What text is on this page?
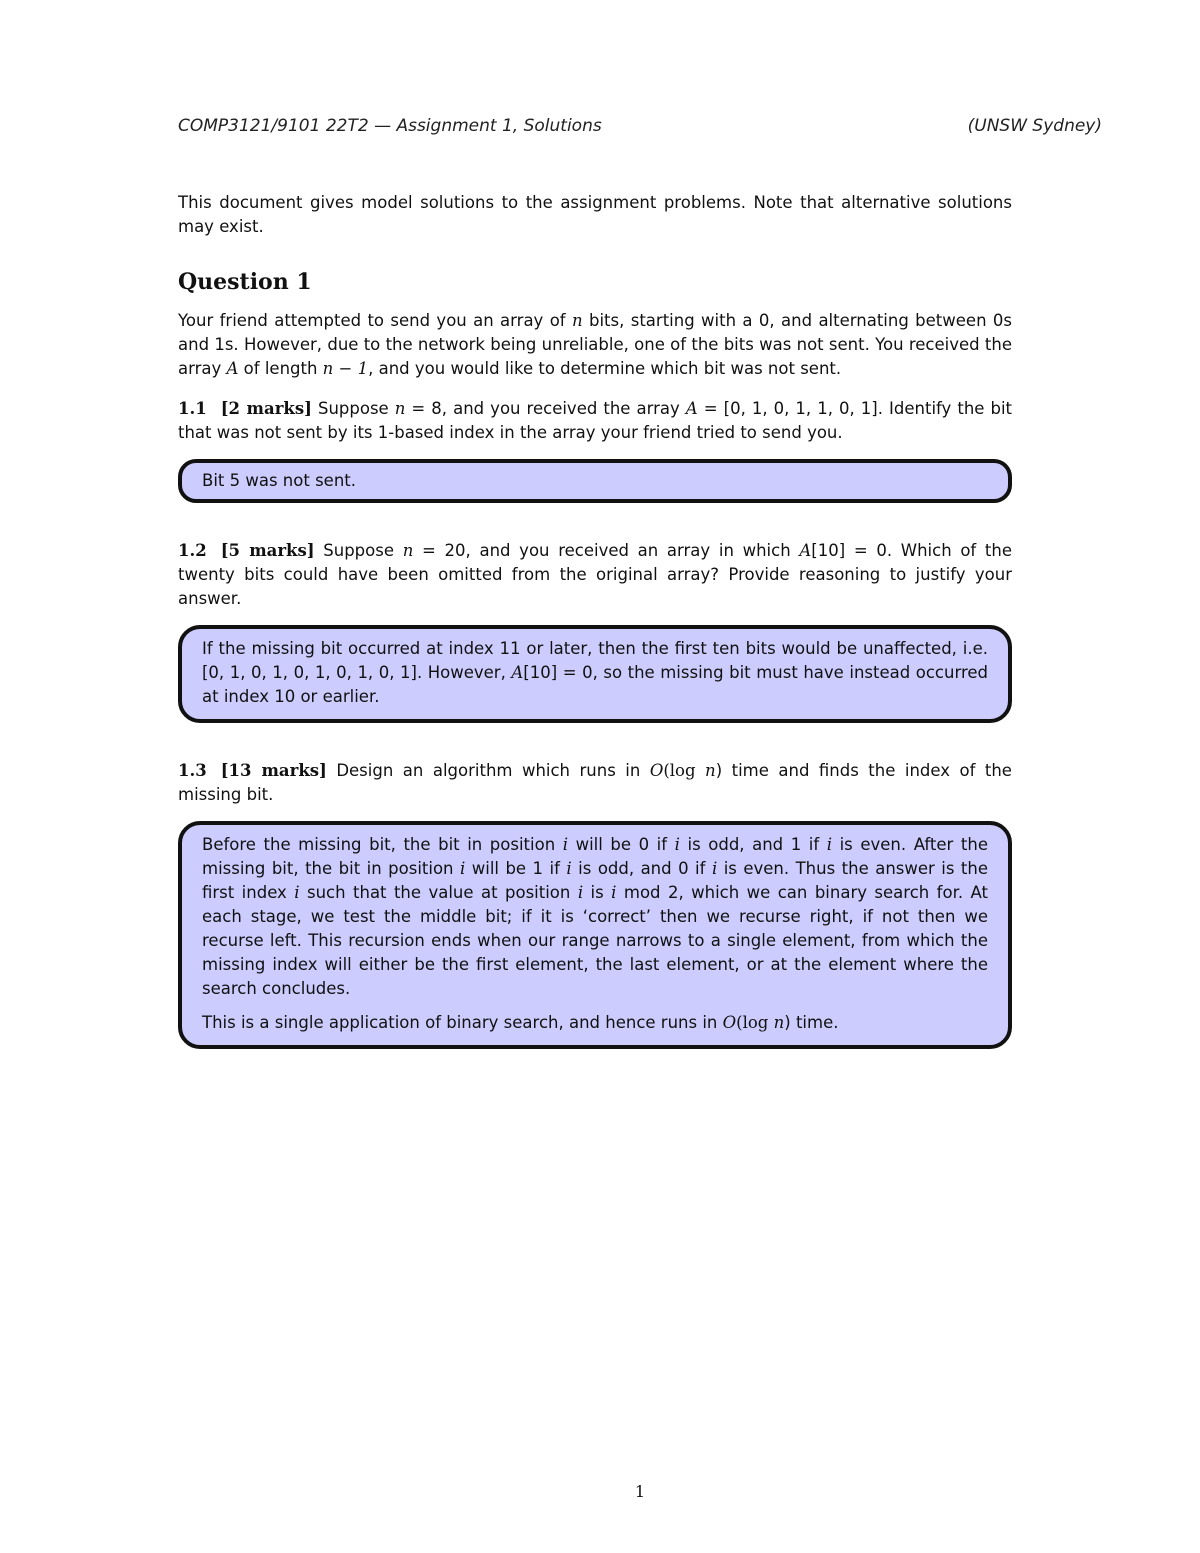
COMP3121/9101 22T2 — Assignment 1, Solutions	(UNSW Sydney)

This document gives model solutions to the assignment problems. Note that alternative solutions may exist.

Question 1

Your friend attempted to send you an array of n bits, starting with a 0, and alternating between 0s and 1s. However, due to the network being unreliable, one of the bits was not sent. You received the array A of length n − 1, and you would like to determine which bit was not sent.

1.1 [2 marks] Suppose n = 8, and you received the array A = [0, 1, 0, 1, 1, 0, 1]. Identify the bit that was not sent by its 1-based index in the array your friend tried to send you.

Bit 5 was not sent.

1.2 [5 marks] Suppose n = 20, and you received an array in which A[10] = 0. Which of the twenty bits could have been omitted from the original array? Provide reasoning to justify your answer.

If the missing bit occurred at index 11 or later, then the first ten bits would be unaffected, i.e. [0, 1, 0, 1, 0, 1, 0, 1, 0, 1]. However, A[10] = 0, so the missing bit must have instead occurred at index 10 or earlier.

1.3 [13 marks] Design an algorithm which runs in O(log n) time and finds the index of the missing bit.

Before the missing bit, the bit in position i will be 0 if i is odd, and 1 if i is even. After the missing bit, the bit in position i will be 1 if i is odd, and 0 if i is even. Thus the answer is the first index i such that the value at position i is i mod 2, which we can binary search for. At each stage, we test the middle bit; if it is ‘correct’ then we recurse right, if not then we recurse left. This recursion ends when our range narrows to a single element, from which the missing index will either be the first element, the last element, or at the element where the search concludes.

This is a single application of binary search, and hence runs in O(log n) time.

1
